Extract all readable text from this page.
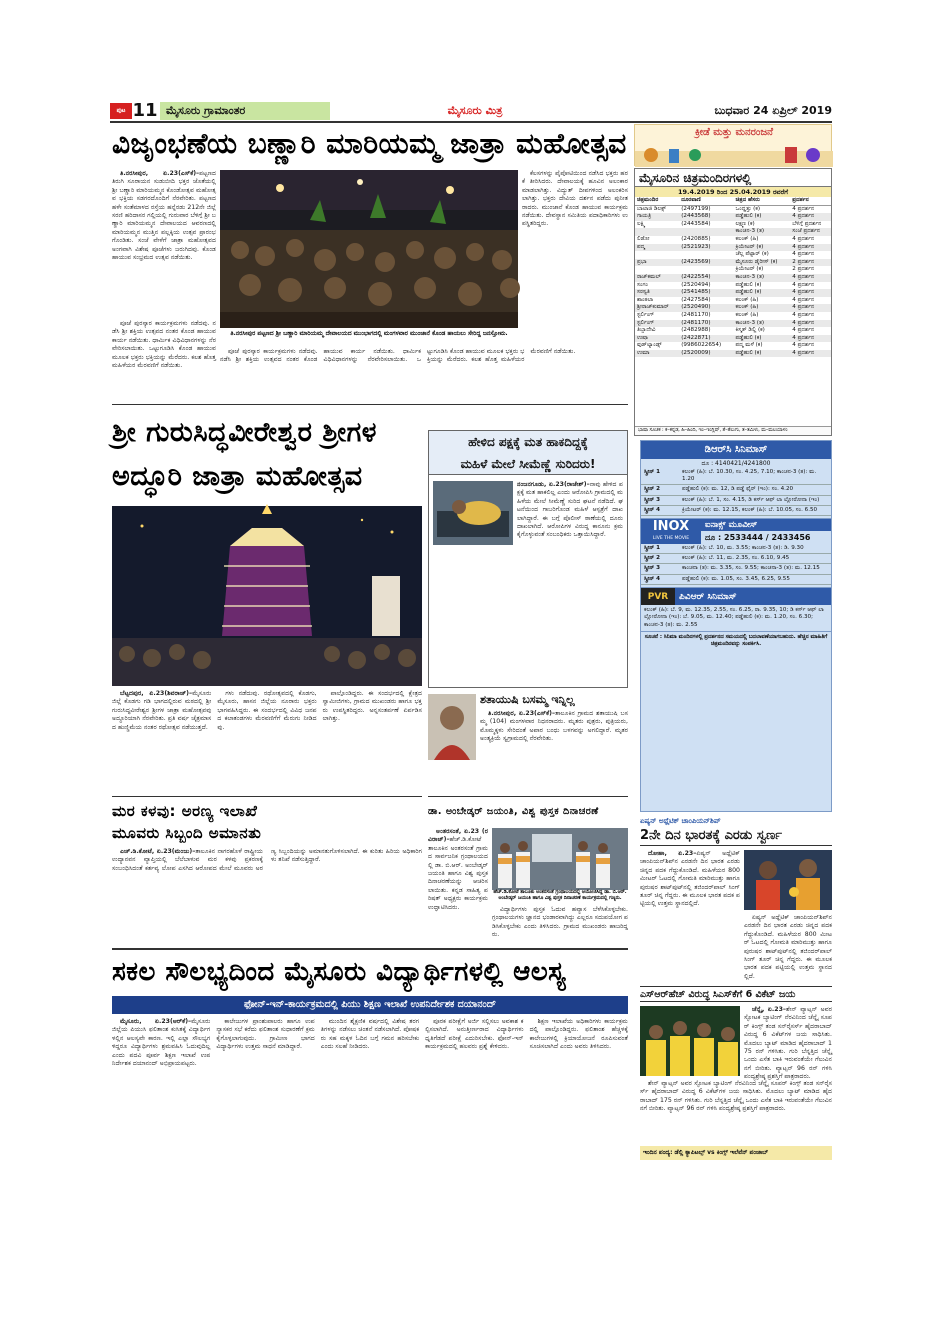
ಪುಟ 11 ಮೈಸೂರು ಗ್ರಾಮಾಂತರ	ಮೈಸೂರು ಮಿತ್ರ	ಬುಧವಾರ 24 ಏಪ್ರಿಲ್ 2019
ವಿಜೃಂಭಣೆಯ ಬಣ್ಣಾರಿ ಮಾರಿಯಮ್ಮ ಜಾತ್ರಾ ಮಹೋತ್ಸವ

ತಿ.ನರಸೀಪುರ, ಏ.23(ಎಸ್‌ಕೆ)–ಪಟ್ಟಣದ ತಿರುಗಿ ಸೂರಾಯನ ಸುಡುಬೀದಿ ಭಕ್ತರ ಜೊತೆಯಲ್ಲಿ ಶ್ರೀ ಬಣ್ಣಾರಿ ಮಾರಿಯಮ್ಮನ ಕೊಂಡೋತ್ಸವ ಮಹೋತ್ಸವ ಭಕ್ತಿಯ ಸಡಗರದೊಂದಿಗೆ ನೆರವೇರಿತು. ಪಟ್ಟಣದ ಹಳೇ ಸಂತೆಮಾಳದ ರಸ್ತೆಯ ಹನ್ನೆರಡು 212ನೇ ಜಿಲ್ಲೆ ಸರಣಿ ಹರಿದಾಸರ ಗಲ್ಲಿಯಲ್ಲಿ ಗುರುವಾರ ಬೆಳಿಗ್ಗೆ ಶ್ರೀ ಬಣ್ಣಾರಿ ಮಾರಿಯಮ್ಮನ ದೇವಾಲಯದ ಆವರಣದಲ್ಲಿ ಮಾರಿಯಮ್ಮನ ಮುತ್ತಿನ ಪಲ್ಲಕ್ಕಿಯ ಉತ್ಸವ ಪ್ರಾರಂಭಗೊಂಡಿತು. ಸಂಜೆ ವೇಳೆಗೆ ಜಾತ್ರಾ ಮಹೋತ್ಸವದ ಅಂಗವಾಗಿ ವಿಶೇಷ ಪೂಜೆಗಳು ಜರುಗಿದವು. ಕೊಂಡ ಹಾಯುವ ಸಂಭ್ರಮದ ಉತ್ಸವ ನಡೆಯಿತು.

ತಿ.ನರಸೀಪುರ ಪಟ್ಟಣದ ಶ್ರೀ ಬಣ್ಣಾರಿ ಮಾರಿಯಮ್ಮ ದೇವಾಲಯದ ಮುಂಭಾಗದಲ್ಲಿ ಮಂಗಳವಾರ ಮುಂಜಾನೆ ಕೊಂಡ ಹಾಯಲು ಸೇರಿದ್ದ ಜನಸ್ತೋಮ.

ಕೆಲಸಗಳನ್ನು ಪೈಪೋಟಿಯಿಂದ ನಡೆಸಿದ ಭಕ್ತರು ಹರಕೆ ತೀರಿಸಿದರು. ದೇವಾಲಯಕ್ಕೆ ಹೂವಿನ ಅಲಂಕಾರ ಮಾಡಲಾಗಿತ್ತು. ವಿದ್ಯುತ್ ದೀಪಗಳಿಂದ ಅಲಂಕರಿಸಲಾಗಿತ್ತು. ಭಕ್ತರು ದೇವಿಯ ದರ್ಶನ ಪಡೆದು ಪುನೀತರಾದರು. ಮುಂಜಾನೆ ಕೊಂಡ ಹಾಯುವ ಕಾರ್ಯಕ್ರಮ ನಡೆಯಿತು. ದೇವಸ್ಥಾನ ಸಮಿತಿಯ ಪದಾಧಿಕಾರಿಗಳು ಉಪಸ್ಥಿತರಿದ್ದರು.

ಪೂಜೆ ಪುರಸ್ಕಾರ ಕಾರ್ಯಕ್ರಮಗಳು ನಡೆದವು. ನಡೆಸಿ ಶ್ರೀ ಶಕ್ತಿಯ ಉತ್ಸವದ ನಂತರ ಕೊಂಡ ಹಾಯುವ ಕಾರ್ಯ ನಡೆಯಿತು. ಧಾರ್ಮಿಕ ವಿಧಿವಿಧಾನಗಳನ್ನು ನೆರವೇರಿಸಲಾಯಿತು. ಒಟ್ಟುಗೂಡಿಸಿ ಕೊಂಡ ಹಾಯುವ ಮೂಲಕ ಭಕ್ತರು ಭಕ್ತಿಯನ್ನು ಮೆರೆದರು. ಕಲಶ ಹೊತ್ತ ಮಹಿಳೆಯರ ಮೆರವಣಿಗೆ ನಡೆಯಿತು.

ಪೂಜೆ ಪುರಸ್ಕಾರ ಕಾರ್ಯಕ್ರಮಗಳು ನಡೆದವು. ನಡೆಸಿ ಶ್ರೀ ಶಕ್ತಿಯ ಉತ್ಸವದ ನಂತರ ಕೊಂಡ ಹಾಯುವ ಕಾರ್ಯ ನಡೆಯಿತು. ಧಾರ್ಮಿಕ ವಿಧಿವಿಧಾನಗಳನ್ನು ನೆರವೇರಿಸಲಾಯಿತು. ಒಟ್ಟುಗೂಡಿಸಿ ಕೊಂಡ ಹಾಯುವ ಮೂಲಕ ಭಕ್ತರು ಭಕ್ತಿಯನ್ನು ಮೆರೆದರು. ಕಲಶ ಹೊತ್ತ ಮಹಿಳೆಯರ ಮೆರವಣಿಗೆ ನಡೆಯಿತು.

ಕ್ರೀಡೆ ಮತ್ತು ಮನರಂಜನೆ
ಮೈಸೂರಿನ ಚಿತ್ರಮಂದಿರಗಳಲ್ಲಿ
19.4.2019 ರಿಂದ 25.04.2019 ರವರೆಗೆ
ಚಿತ್ರಮಂದಿರ	ದೂರವಾಣಿ	ಚಿತ್ರದ ಹೆಸರು	ಪ್ರದರ್ಶನ
ಬಾಲಾಜಿ ಡಿಲಕ್ಸ್	(2497199)	ಒಂದ್ಹತ್ತು (ಕ)	4 ಪ್ರದರ್ಶನ
ಗಾಯತ್ರಿ	(2443568)	ಪಡ್ಡೆಹುಲಿ (ಕ)	4 ಪ್ರದರ್ಶನ
ಲಕ್ಷ್ಮಿ	(2443584)	ಲಕ್ಷ್ಮಣ (ಕ)	ಬೆಳಿಗ್ಗೆ ಪ್ರದರ್ಶನ
		ಕಾಂಚನ-3 (ತ)	ಸಂಜೆ ಪ್ರದರ್ಶನ
ಲಿಡೋ	(2420885)	ಕಲಂಕ್ (ಹಿ)	4 ಪ್ರದರ್ಶನ
ಪದ್ಮ	(2521923)	ಕ್ರಿಯೇಟರ್ (ಕ)	4 ಪ್ರದರ್ಶನ
		ಚೆಲ್ಲ ಪೆಟ್ಟಾರ್ (ಕ)	4 ಪ್ರದರ್ಶನ
ಪ್ರಭಾ	(2423569)	ಮೈಸೂರು ಡೈರೀಸ್ (ಕ)	2 ಪ್ರದರ್ಶನ
		ಕ್ರಿಯೇಟರ್ (ಕ)	2 ಪ್ರದರ್ಶನ
ರಾಜ್‌ಕಮಲ್	(2422554)	ಕಾಂಚನ-3 (ತ)	4 ಪ್ರದರ್ಶನ
ಸಂಗಂ	(2520494)	ಪಡ್ಡೆಹುಲಿ (ಕ)	4 ಪ್ರದರ್ಶನ
ಸರಸ್ವತಿ	(2541485)	ಪಡ್ಡೆಹುಲಿ (ಕ)	4 ಪ್ರದರ್ಶನ
ಶಾಂತಲಾ	(2427584)	ಕಲಂಕ್ (ಹಿ)	4 ಪ್ರದರ್ಶನ
ಶ್ರೀರಾಜ್‌ಕುಮಾರ್	(2520490)	ಕಲಂಕ್ (ಹಿ)	4 ಪ್ರದರ್ಶನ
ಸ್ಟರ್ಲಿಂಗ್	(2481170)	ಕಲಂಕ್ (ಹಿ)	4 ಪ್ರದರ್ಶನ
ಸ್ಟರ್ಲಿಂಗ್	(2481170)	ಕಾಂಚನ-3 (ತ)	4 ಪ್ರದರ್ಶನ
ತಿಬ್ಬಾದೇವಿ	(2482988)	ಕಿಸ್ಮತ್ ಡಿಲ್ಲಿ (ಕ)	4 ಪ್ರದರ್ಶನ
ಉಷಾ	(2422871)	ಪಡ್ಡೆಹುಲಿ (ಕ)	4 ಪ್ರದರ್ಶನ
ವುಡ್‌ಲ್ಯಾಂಡ್ಸ್	(9986022654)	ಪದ್ಮ ಮಳೆ (ಕ)	4 ಪ್ರದರ್ಶನ
ಉಮಾ	(2520009)	ಪಡ್ಡೆಹುಲಿ (ಕ)	4 ಪ್ರದರ್ಶನ
ಭಾಷಾ ಸೂಚಕ : ಕ–ಕನ್ನಡ, ಹಿ–ಹಿಂದಿ, ಇಂ–ಇಂಗ್ಲಿಷ್, ತೆ–ತೆಲುಗು, ತ–ತಮಿಳು, ಮ–ಮಲಯಾಳಂ
ಶ್ರೀ ಗುರುಸಿದ್ಧವೀರೇಶ್ವರ ಶ್ರೀಗಳ
ಅದ್ಧೂರಿ ಜಾತ್ರಾ ಮಹೋತ್ಸವ

ಬೆಟ್ಟದಪುರ, ಏ.23(ಶಿವರಾಜ್)–ಮೈಸೂರು ಜಿಲ್ಲೆ ಕೊಡಗು ಗಡಿ ಭಾಗದಲ್ಲಿರುವ ಮಠದಲ್ಲಿ ಶ್ರೀ ಗುರುಸಿದ್ಧವೀರೇಶ್ವರ ಶ್ರೀಗಳ ಜಾತ್ರಾ ಮಹೋತ್ಸವವು ಅದ್ಧೂರಿಯಾಗಿ ನೆರವೇರಿತು. ಪ್ರತಿ ವರ್ಷ ಚೈತ್ರಮಾಸದ ಹುಣ್ಣಿಮೆಯ ನಂತರ ರಥೋತ್ಸವ ನಡೆಯುತ್ತದೆ.

ಗಳು ನಡೆದುವು. ರಥೋತ್ಸವದಲ್ಲಿ ಕೊಡಗು, ಮೈಸೂರು, ಹಾಸನ ಜಿಲ್ಲೆಯ ನೂರಾರು ಭಕ್ತರು ಭಾಗವಹಿಸಿದ್ದರು. ಈ ಸಂದರ್ಭದಲ್ಲಿ ವಿವಿಧ ಜನಪದ ಕಲಾತಂಡಗಳು ಮೆರವಣಿಗೆಗೆ ಮೆರುಗು ನೀಡಿದವು.

ಪಾಲ್ಗೊಂಡಿದ್ದರು. ಈ ಸಂದರ್ಭದಲ್ಲಿ ಕ್ಷೇತ್ರದ ಸ್ವಾಮೀಜಿಗಳು, ಗ್ರಾಮದ ಮುಖಂಡರು ಹಾಗೂ ಭಕ್ತರು ಉಪಸ್ಥಿತರಿದ್ದರು. ಅನ್ನಸಂತರ್ಪಣೆ ಏರ್ಪಡಿಸಲಾಗಿತ್ತು.

ಹೇಳಿದ ಪಕ್ಷಕ್ಕೆ ಮತ ಹಾಕದಿದ್ದಕ್ಕೆ
ಮಹಿಳೆ ಮೇಲೆ ಸೀಮೆಣ್ಣೆ ಸುರಿದರು!

ನಂಜನಗೂಡು, ಏ.23(ರಾಜೇಶ್)–ನಾವು ಹೇಳಿದ ಪಕ್ಷಕ್ಕೆ ಮತ ಹಾಕಲಿಲ್ಲ ಎಂದು ಆರೋಪಿಸಿ ಗ್ರಾಮದಲ್ಲಿ ಮಹಿಳೆಯ ಮೇಲೆ ಸೀಮೆಣ್ಣೆ ಸುರಿದ ಘಟನೆ ನಡೆದಿದೆ. ಘಟನೆಯಿಂದ ಗಾಬರಿಗೊಂಡ ಮಹಿಳೆ ಆಸ್ಪತ್ರೆಗೆ ದಾಖಲಾಗಿದ್ದಾರೆ. ಈ ಬಗ್ಗೆ ಪೊಲೀಸ್ ಠಾಣೆಯಲ್ಲಿ ದೂರು ದಾಖಲಾಗಿದೆ. ಆರೋಪಿಗಳ ವಿರುದ್ಧ ಕಾನೂನು ಕ್ರಮ ಕೈಗೊಳ್ಳುವಂತೆ ಸಂಬಂಧಿಕರು ಒತ್ತಾಯಿಸಿದ್ದಾರೆ.

ಶತಾಯುಷಿ ಬಸಮ್ಮ ಇನ್ನಿಲ್ಲ

ತಿ.ನರಸೀಪುರ, ಏ.23(ಎಸ್‌ಕೆ)–ತಾಲೂಕಿನ ಗ್ರಾಮದ ಶತಾಯುಷಿ ಬಸಮ್ಮ (104) ಮಂಗಳವಾರ ನಿಧನರಾದರು. ಮೃತರು ಪುತ್ರರು, ಪುತ್ರಿಯರು, ಮೊಮ್ಮಕ್ಕಳು ಸೇರಿದಂತೆ ಅಪಾರ ಬಂಧು ಬಳಗವನ್ನು ಅಗಲಿದ್ದಾರೆ. ಮೃತರ ಅಂತ್ಯಕ್ರಿಯೆ ಸ್ವಗ್ರಾಮದಲ್ಲಿ ನೆರವೇರಿತು.

ಡಿಆರ್‌ಸಿ ಸಿನಿಮಾಸ್
ದೂ : 4140421/4241800
ಸ್ಕ್ರೀನ್ 1	ಕಲಂಕ್ (ಹಿ): ಬೆ. 10.30, ಸಂ. 4.25, 7.10; ಕಾಂಚನ-3 (ತ): ಮ. 1.20
ಸ್ಕ್ರೀನ್ 2	ಪಡ್ಡೆಹುಲಿ (ಕ): ಮ. 12, ಡಿ ಪಡ್ಡೆ ಫೈರ್ (ಇಂ): ಸಂ. 4.20
ಸ್ಕ್ರೀನ್ 3	ಕಲಂಕ್ (ಹಿ): ಬೆ. 1, ಸಂ. 4.15, ಡಿ ಕರ್ಸ್ ಆಫ್ ಲಾ ಲ್ಲೋರೋನಾ (ಇಂ)
ಸ್ಕ್ರೀನ್ 4	ಕ್ರಿಯೇಟರ್ (ಕ): ಮ. 12.15, ಕಲಂಕ್ (ಹಿ): ಬೆ. 10.05, ಸಂ. 6.50
INOX
LIVE THE MOVIE
ಐನಾಕ್ಸ್ ಮೂವೀಸ್
ದೂ : 2533444 / 2433456
ಸ್ಕ್ರೀನ್ 1	ಕಲಂಕ್ (ಹಿ): ಬೆ. 10, ಮ. 3.55; ಕಾಂಚನ-3 (ತ): ಡಿ. 9.30
ಸ್ಕ್ರೀನ್ 2	ಕಲಂಕ್ (ಹಿ): ಬೆ. 11, ಮ. 2.35, ಸಂ. 6.10, 9.45
ಸ್ಕ್ರೀನ್ 3	ಕಾಂಚನಾ (ತ): ಮ. 3.35, ಸಂ. 9.55; ಕಾಂಚನಾ-3 (ತ): ಮ. 12.15
ಸ್ಕ್ರೀನ್ 4	ಪಡ್ಡೆಹುಲಿ (ಕ): ಮ. 1.05, ಸಂ. 3.45, 6.25, 9.55
PVR	ಪಿವಿಆರ್ ಸಿನಿಮಾಸ್
ಕಲಂಕ್ (ಹಿ): ಬೆ. 9, ಮ. 12.35, 2.55, ಸಂ. 6.25, ರಾ. 9.35, 10; ಡಿ ಕರ್ಸ್ ಆಫ್ ಲಾ ಲ್ಲೋರೋನಾ (ಇಂ): ಬೆ. 9.05, ಮ. 12.40; ಪಡ್ಡೆಹುಲಿ (ಕ): ಮ. 1.20, ಸಂ. 6.30; ಕಾಂಚನ-3 (ತ): ಮ. 2.55
ಸೂಚನೆ : ಸಿನಿಮಾ ಮಂದಿರಗಳಲ್ಲಿ ಪ್ರದರ್ಶನದ ಸಮಯದಲ್ಲಿ ಬದಲಾವಣೆಯಾಗಬಹುದು. ಹೆಚ್ಚಿನ ಮಾಹಿತಿಗೆ ಚಿತ್ರಮಂದಿರವನ್ನು ಸಂಪರ್ಕಿಸಿ.
ಮರ ಕಳವು: ಅರಣ್ಯ ಇಲಾಖೆ
ಮೂವರು ಸಿಬ್ಬಂದಿ ಅಮಾನತು

ಎಚ್.ಡಿ.ಕೋಟೆ, ಏ.23(ಮಂಜು)–ತಾಲೂಕಿನ ನಾಗರಹೊಳೆ ರಾಷ್ಟ್ರೀಯ ಉದ್ಯಾನವನ ವ್ಯಾಪ್ತಿಯಲ್ಲಿ ಬೆಲೆಬಾಳುವ ಮರ ಕಳವು ಪ್ರಕರಣಕ್ಕೆ ಸಂಬಂಧಿಸಿದಂತೆ ಕರ್ತವ್ಯ ಲೋಪ ಎಸಗಿದ ಆರೋಪದ ಮೇಲೆ ಮೂವರು ಅರಣ್ಯ ಸಿಬ್ಬಂದಿಯನ್ನು ಅಮಾನತುಗೊಳಿಸಲಾಗಿದೆ. ಈ ಕುರಿತು ಹಿರಿಯ ಅಧಿಕಾರಿಗಳು ತನಿಖೆ ನಡೆಸುತ್ತಿದ್ದಾರೆ.

ಡಾ. ಅಂಬೇಡ್ಕರ್ ಜಯಂತಿ, ವಿಶ್ವ ಪುಸ್ತಕ ದಿನಾಚರಣೆ

ಅಂತರಸಂತೆ, ಏ.23 (ರವಿರಾಜ್)–ಹೆಚ್.ಡಿ.ಕೋಟೆ ತಾಲೂಕಿನ ಅಂತರಸಂತೆ ಗ್ರಾಮದ ಸಾರ್ವಜನಿಕ ಗ್ರಂಥಾಲಯದಲ್ಲಿ ಡಾ. ಬಿ.ಆರ್. ಅಂಬೇಡ್ಕರ್ ಜಯಂತಿ ಹಾಗೂ ವಿಶ್ವ ಪುಸ್ತಕ ದಿನಾಚರಣೆಯನ್ನು ಆಚರಿಸಲಾಯಿತು. ಕನ್ನಡ ಸಾಹಿತ್ಯ ಪರಿಷತ್ ಅಧ್ಯಕ್ಷರು ಕಾರ್ಯಕ್ರಮ ಉದ್ಘಾಟಿಸಿದರು.

ಹೆಚ್.ಡಿ.ಕೋಟೆ ತಾಲೂಕು ಅಂತರಸಂತೆ ಗ್ರಂಥಾಲಯದಲ್ಲಿ ಆಯೋಜಿಸಿದ್ದ ಡಾ. ಬಿ.ಆರ್. ಅಂಬೇಡ್ಕರ್ ಜಯಂತಿ ಹಾಗೂ ವಿಶ್ವ ಪುಸ್ತಕ ದಿನಾಚರಣೆ ಕಾರ್ಯಕ್ರಮದಲ್ಲಿ ಗಣ್ಯರು.

ವಿದ್ಯಾರ್ಥಿಗಳು ಪುಸ್ತಕ ಓದುವ ಹವ್ಯಾಸ ಬೆಳೆಸಿಕೊಳ್ಳಬೇಕು. ಗ್ರಂಥಾಲಯಗಳು ಜ್ಞಾನದ ಭಂಡಾರವಾಗಿದ್ದು ಎಲ್ಲರೂ ಸದುಪಯೋಗ ಪಡಿಸಿಕೊಳ್ಳಬೇಕು ಎಂದು ತಿಳಿಸಿದರು. ಗ್ರಾಮದ ಮುಖಂಡರು ಹಾಜರಿದ್ದರು.

ಏಷ್ಯನ್ ಅಥ್ಲೆಟಿಕ್ ಚಾಂಪಿಯನ್‌ಶಿಪ್
2ನೇ ದಿನ ಭಾರತಕ್ಕೆ ಎರಡು ಸ್ವರ್ಣ

ದೋಹಾ, ಏ.23–ಏಷ್ಯನ್ ಅಥ್ಲೆಟಿಕ್ ಚಾಂಪಿಯನ್‌ಶಿಪ್‌ನ ಎರಡನೇ ದಿನ ಭಾರತ ಎರಡು ಚಿನ್ನದ ಪದಕ ಗೆದ್ದುಕೊಂಡಿದೆ. ಮಹಿಳೆಯರ 800 ಮೀಟರ್ ಓಟದಲ್ಲಿ ಗೋಮತಿ ಮಾರಿಮುತ್ತು ಹಾಗೂ ಪುರುಷರ ಶಾಟ್‌ಪುಟ್‌ನಲ್ಲಿ ತಜಿಂದರ್‌ಪಾಲ್ ಸಿಂಗ್ ತೂರ್ ಚಿನ್ನ ಗೆದ್ದರು. ಈ ಮೂಲಕ ಭಾರತ ಪದಕ ಪಟ್ಟಿಯಲ್ಲಿ ಉತ್ತಮ ಸ್ಥಾನದಲ್ಲಿದೆ.

ಏಷ್ಯನ್ ಅಥ್ಲೆಟಿಕ್ ಚಾಂಪಿಯನ್‌ಶಿಪ್‌ನ ಎರಡನೇ ದಿನ ಭಾರತ ಎರಡು ಚಿನ್ನದ ಪದಕ ಗೆದ್ದುಕೊಂಡಿದೆ. ಮಹಿಳೆಯರ 800 ಮೀಟರ್ ಓಟದಲ್ಲಿ ಗೋಮತಿ ಮಾರಿಮುತ್ತು ಹಾಗೂ ಪುರುಷರ ಶಾಟ್‌ಪುಟ್‌ನಲ್ಲಿ ತಜಿಂದರ್‌ಪಾಲ್ ಸಿಂಗ್ ತೂರ್ ಚಿನ್ನ ಗೆದ್ದರು. ಈ ಮೂಲಕ ಭಾರತ ಪದಕ ಪಟ್ಟಿಯಲ್ಲಿ ಉತ್ತಮ ಸ್ಥಾನದಲ್ಲಿದೆ.

ಸಕಲ ಸೌಲಭ್ಯದಿಂದ ಮೈಸೂರು ವಿದ್ಯಾರ್ಥಿಗಳಲ್ಲಿ ಆಲಸ್ಯ
ಫೋನ್-ಇನ್-ಕಾರ್ಯಕ್ರಮದಲ್ಲಿ ಪಿಯು ಶಿಕ್ಷಣ ಇಲಾಖೆ ಉಪನಿರ್ದೇಶಕ ದಯಾನಂದ್

ಮೈಸೂರು, ಏ.23(ಆರ್‌ಕೆ)–ಮೈಸೂರು ಜಿಲ್ಲೆಯ ಪಿಯುಸಿ ಫಲಿತಾಂಶ ಕುಸಿತಕ್ಕೆ ವಿದ್ಯಾರ್ಥಿಗಳಲ್ಲಿನ ಆಲಸ್ಯವೇ ಕಾರಣ. ಇಲ್ಲಿ ಎಲ್ಲಾ ಸೌಲಭ್ಯಗಳಿದ್ದರೂ ವಿದ್ಯಾರ್ಥಿಗಳು ಶ್ರಮವಹಿಸಿ ಓದುವುದಿಲ್ಲ ಎಂದು ಪದವಿ ಪೂರ್ವ ಶಿಕ್ಷಣ ಇಲಾಖೆ ಉಪನಿರ್ದೇಶಕ ದಯಾನಂದ್ ಅಭಿಪ್ರಾಯಪಟ್ಟರು.

ಕಾಲೇಜುಗಳ ಪ್ರಾಂಶುಪಾಲರು ಹಾಗೂ ಉಪನ್ಯಾಸಕರ ಸಭೆ ಕರೆದು ಫಲಿತಾಂಶ ಸುಧಾರಣೆಗೆ ಕ್ರಮ ಕೈಗೊಳ್ಳಲಾಗುವುದು. ಗ್ರಾಮೀಣ ಭಾಗದ ವಿದ್ಯಾರ್ಥಿಗಳು ಉತ್ತಮ ಸಾಧನೆ ಮಾಡಿದ್ದಾರೆ.

ಮುಂದಿನ ಶೈಕ್ಷಣಿಕ ವರ್ಷದಲ್ಲಿ ವಿಶೇಷ ತರಗತಿಗಳನ್ನು ನಡೆಸಲು ಚಿಂತನೆ ನಡೆಸಲಾಗಿದೆ. ಪೋಷಕರು ಸಹ ಮಕ್ಕಳ ಓದಿನ ಬಗ್ಗೆ ಗಮನ ಹರಿಸಬೇಕು ಎಂದು ಸಲಹೆ ನೀಡಿದರು.

ಪೂರಕ ಪರೀಕ್ಷೆಗೆ ಅರ್ಜಿ ಸಲ್ಲಿಸಲು ಅವಕಾಶ ಕಲ್ಪಿಸಲಾಗಿದೆ. ಅನುತ್ತೀರ್ಣರಾದ ವಿದ್ಯಾರ್ಥಿಗಳು ಧೃತಿಗೆಡದೆ ಪರೀಕ್ಷೆ ಎದುರಿಸಬೇಕು. ಫೋನ್-ಇನ್ ಕಾರ್ಯಕ್ರಮದಲ್ಲಿ ಹಲವರು ಪ್ರಶ್ನೆ ಕೇಳಿದರು.

ಶಿಕ್ಷಣ ಇಲಾಖೆಯ ಅಧಿಕಾರಿಗಳು ಕಾರ್ಯಕ್ರಮದಲ್ಲಿ ಪಾಲ್ಗೊಂಡಿದ್ದರು. ಫಲಿತಾಂಶ ಹೆಚ್ಚಳಕ್ಕೆ ಕಾಲೇಜುಗಳಲ್ಲಿ ಕ್ರಿಯಾಯೋಜನೆ ರೂಪಿಸುವಂತೆ ಸೂಚಿಸಲಾಗಿದೆ ಎಂದು ಅವರು ತಿಳಿಸಿದರು.

ಎಸ್‌ಆರ್‌ಹೆಚ್ ವಿರುದ್ಧ ಸಿಎಸ್‌ಕೆಗೆ 6 ವಿಕೆಟ್ ಜಯ

ಚೆನ್ನೈ, ಏ.23–ಶೇನ್ ವ್ಯಾಟ್ಸನ್ ಅವರ ಸ್ಫೋಟಕ ಬ್ಯಾಟಿಂಗ್ ನೆರವಿನಿಂದ ಚೆನ್ನೈ ಸೂಪರ್ ಕಿಂಗ್ಸ್ ತಂಡ ಸನ್‌ರೈಸರ್ಸ್ ಹೈದರಾಬಾದ್ ವಿರುದ್ಧ 6 ವಿಕೆಟ್‌ಗಳ ಜಯ ಸಾಧಿಸಿತು. ಮೊದಲು ಬ್ಯಾಟ್ ಮಾಡಿದ ಹೈದರಾಬಾದ್ 175 ರನ್ ಗಳಿಸಿತು. ಗುರಿ ಬೆನ್ನತ್ತಿದ ಚೆನ್ನೈ ಒಂದು ಎಸೆತ ಬಾಕಿ ಇರುವಂತೆಯೇ ಗೆಲುವಿನ ನಗೆ ಬೀರಿತು. ವ್ಯಾಟ್ಸನ್ 96 ರನ್ ಗಳಿಸಿ ಪಂದ್ಯಶ್ರೇಷ್ಠ ಪ್ರಶಸ್ತಿಗೆ ಪಾತ್ರರಾದರು.

ಶೇನ್ ವ್ಯಾಟ್ಸನ್ ಅವರ ಸ್ಫೋಟಕ ಬ್ಯಾಟಿಂಗ್ ನೆರವಿನಿಂದ ಚೆನ್ನೈ ಸೂಪರ್ ಕಿಂಗ್ಸ್ ತಂಡ ಸನ್‌ರೈಸರ್ಸ್ ಹೈದರಾಬಾದ್ ವಿರುದ್ಧ 6 ವಿಕೆಟ್‌ಗಳ ಜಯ ಸಾಧಿಸಿತು. ಮೊದಲು ಬ್ಯಾಟ್ ಮಾಡಿದ ಹೈದರಾಬಾದ್ 175 ರನ್ ಗಳಿಸಿತು. ಗುರಿ ಬೆನ್ನತ್ತಿದ ಚೆನ್ನೈ ಒಂದು ಎಸೆತ ಬಾಕಿ ಇರುವಂತೆಯೇ ಗೆಲುವಿನ ನಗೆ ಬೀರಿತು. ವ್ಯಾಟ್ಸನ್ 96 ರನ್ ಗಳಿಸಿ ಪಂದ್ಯಶ್ರೇಷ್ಠ ಪ್ರಶಸ್ತಿಗೆ ಪಾತ್ರರಾದರು.

ಇಂದಿನ ಪಂದ್ಯ: ಡೆಲ್ಲಿ ಕ್ಯಾಪಿಟಲ್ಸ್ vs ಕಿಂಗ್ಸ್ ಇಲೆವೆನ್ ಪಂಜಾಬ್
